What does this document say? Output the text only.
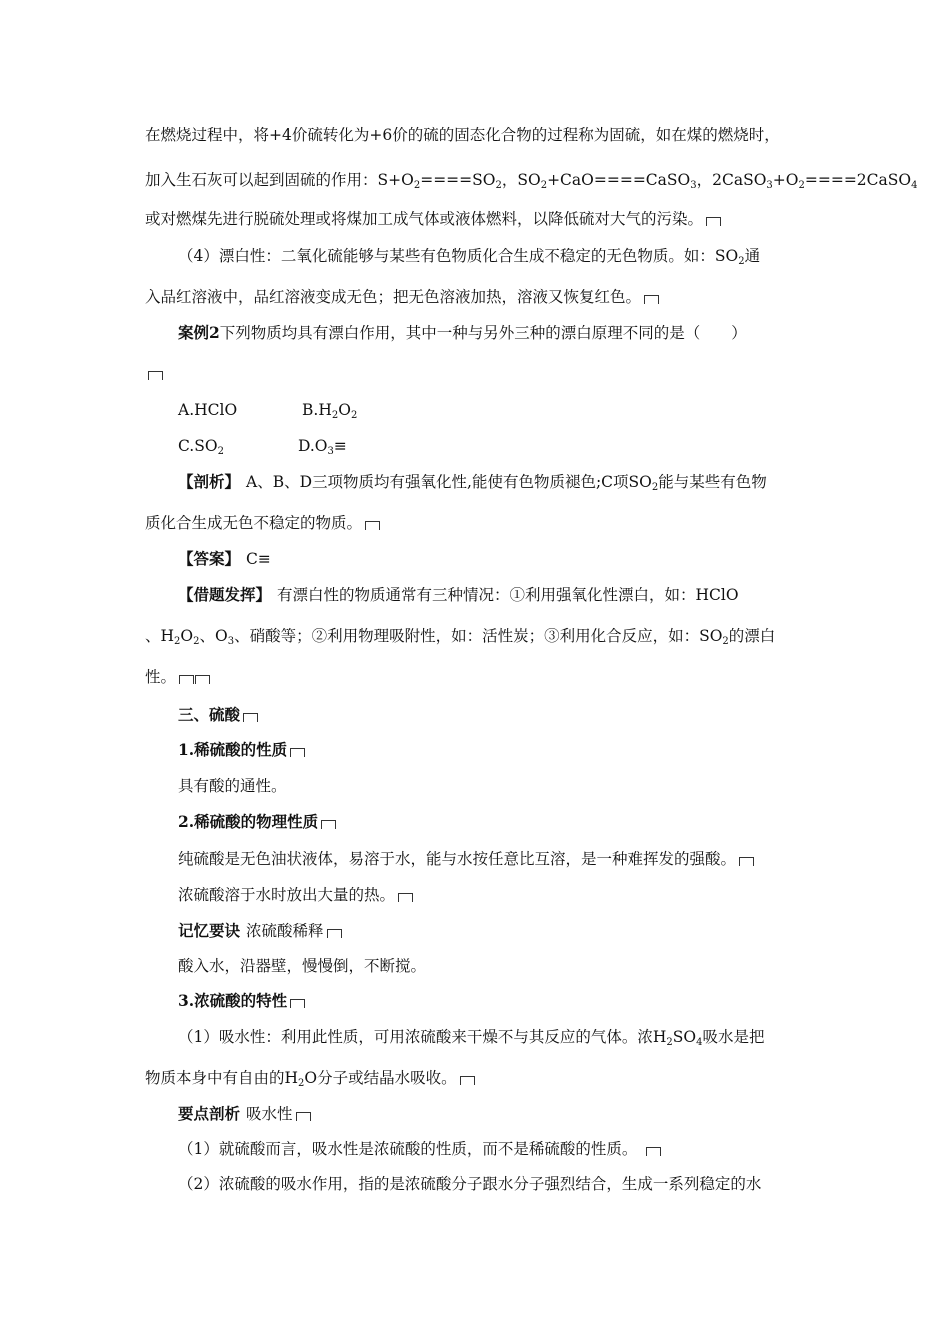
在燃烧过程中，将+4价硫转化为+6价的硫的固态化合物的过程称为固硫，如在煤的燃烧时，
加入生石灰可以起到固硫的作用：$S+O_2====SO_2$，$SO_2+CaO====CaSO_3$，$2CaSO_3+O_2====2CaSO_4$
或对燃煤先进行脱硫处理或将煤加工成气体或液体燃料，以降低硫对大气的污染。
（4）漂白性：二氧化硫能够与某些有色物质化合生成不稳定的无色物质。如：$SO_2$通
入品红溶液中，品红溶液变成无色；把无色溶液加热，溶液又恢复红色。
案例2下列物质均具有漂白作用，其中一种与另外三种的漂白原理不同的是（　　）
A.HClO	$B.H_2O_2$
$C.SO_2$	$D.O_3\equiv$
【剖析】 A、B、D三项物质均有强氧化性,能使有色物质褪色;C项$SO_2$能与某些有色物
质化合生成无色不稳定的物质。
【答案】 C≡
【借题发挥】 有漂白性的物质通常有三种情况：①利用强氧化性漂白，如：HClO
、$H_2O_2$、$O_3$、硝酸等；②利用物理吸附性，如：活性炭；③利用化合反应，如：$SO_2$的漂白
性。
三、硫酸
1.稀硫酸的性质
具有酸的通性。
2.稀硫酸的物理性质
纯硫酸是无色油状液体，易溶于水，能与水按任意比互溶，是一种难挥发的强酸。
浓硫酸溶于水时放出大量的热。
记忆要诀 浓硫酸稀释
酸入水，沿器壁，慢慢倒，不断搅。
3.浓硫酸的特性
（1）吸水性：利用此性质，可用浓硫酸来干燥不与其反应的气体。浓$H_2SO_4$吸水是把
物质本身中有自由的$H_2O$分子或结晶水吸收。
要点剖析 吸水性
（1）就硫酸而言，吸水性是浓硫酸的性质，而不是稀硫酸的性质。
（2）浓硫酸的吸水作用，指的是浓硫酸分子跟水分子强烈结合，生成一系列稳定的水
